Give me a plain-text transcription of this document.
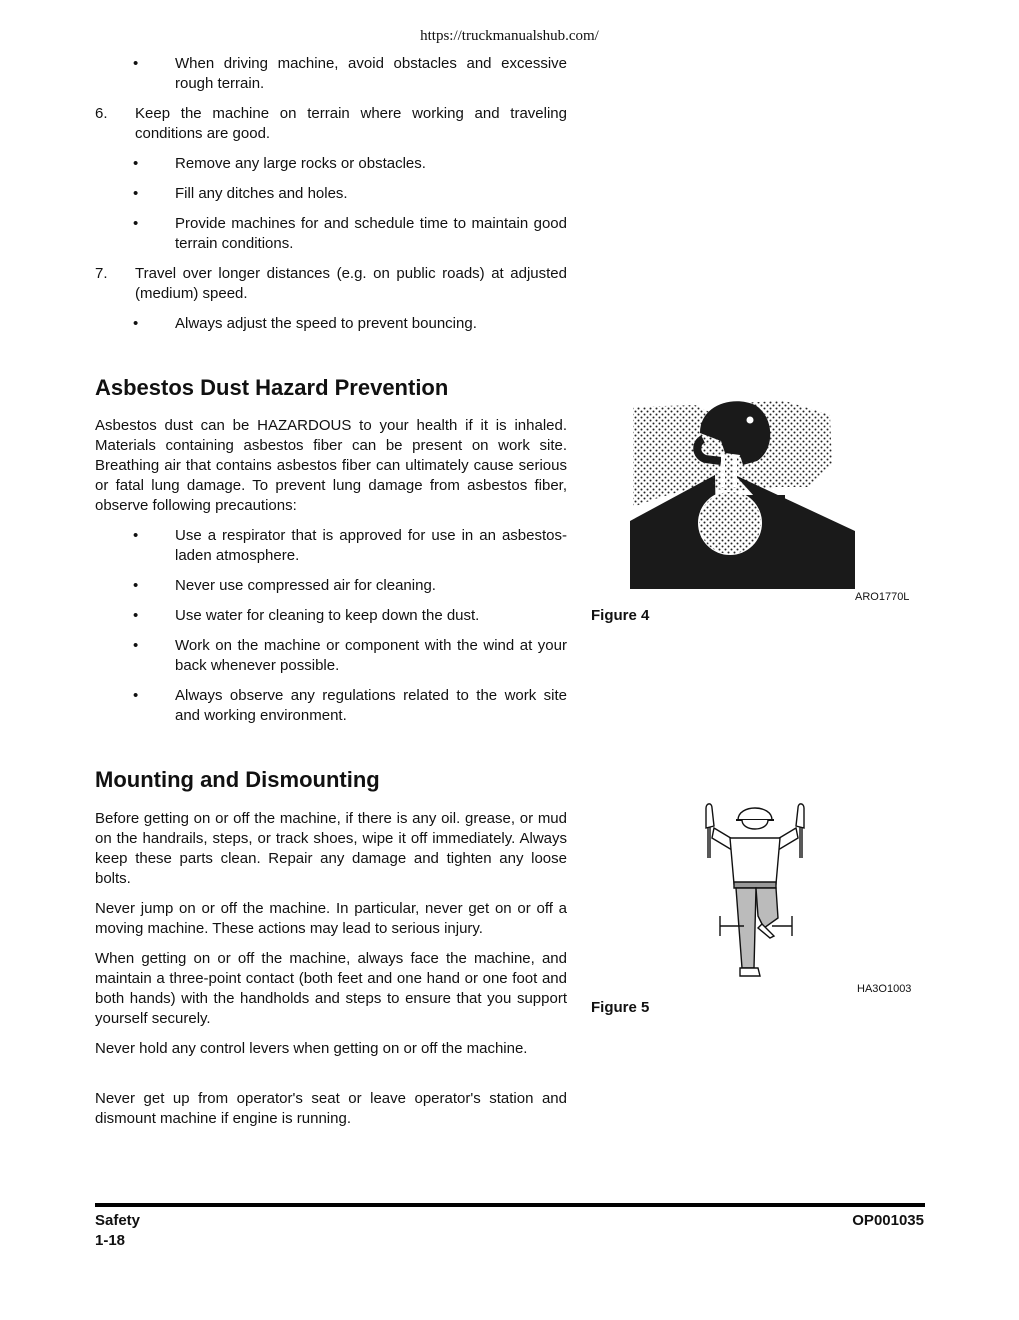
https://truckmanualshub.com/
• When driving machine, avoid obstacles and excessive rough terrain.
6. Keep the machine on terrain where working and traveling conditions are good.
• Remove any large rocks or obstacles.
• Fill any ditches and holes.
• Provide machines for and schedule time to maintain good terrain conditions.
7. Travel over longer distances (e.g. on public roads) at adjusted (medium) speed.
• Always adjust the speed to prevent bouncing.
Asbestos Dust Hazard Prevention

Asbestos dust can be HAZARDOUS to your health if it is inhaled. Materials containing asbestos fiber can be present on work site. Breathing air that contains asbestos fiber can ultimately cause serious or fatal lung damage. To prevent lung damage from asbestos fiber, observe following precautions:

• Use a respirator that is approved for use in an asbestos-laden atmosphere.
• Never use compressed air for cleaning.
• Use water for cleaning to keep down the dust.
• Work on the machine or component with the wind at your back whenever possible.
• Always observe any regulations related to the work site and working environment.
ARO1770L
Figure 4
Mounting and Dismounting

Before getting on or off the machine, if there is any oil. grease, or mud on the handrails, steps, or track shoes, wipe it off immediately. Always keep these parts clean. Repair any damage and tighten any loose bolts.

Never jump on or off the machine. In particular, never get on or off a moving machine. These actions may lead to serious injury.

When getting on or off the machine, always face the machine, and maintain a three-point contact (both feet and one hand or one foot and both hands) with the handholds and steps to ensure that you support yourself securely.

Never hold any control levers when getting on or off the machine.

Never get up from operator's seat or leave operator's station and dismount machine if engine is running.

HA3O1003
Figure 5
Safety
1-18
OP001035
